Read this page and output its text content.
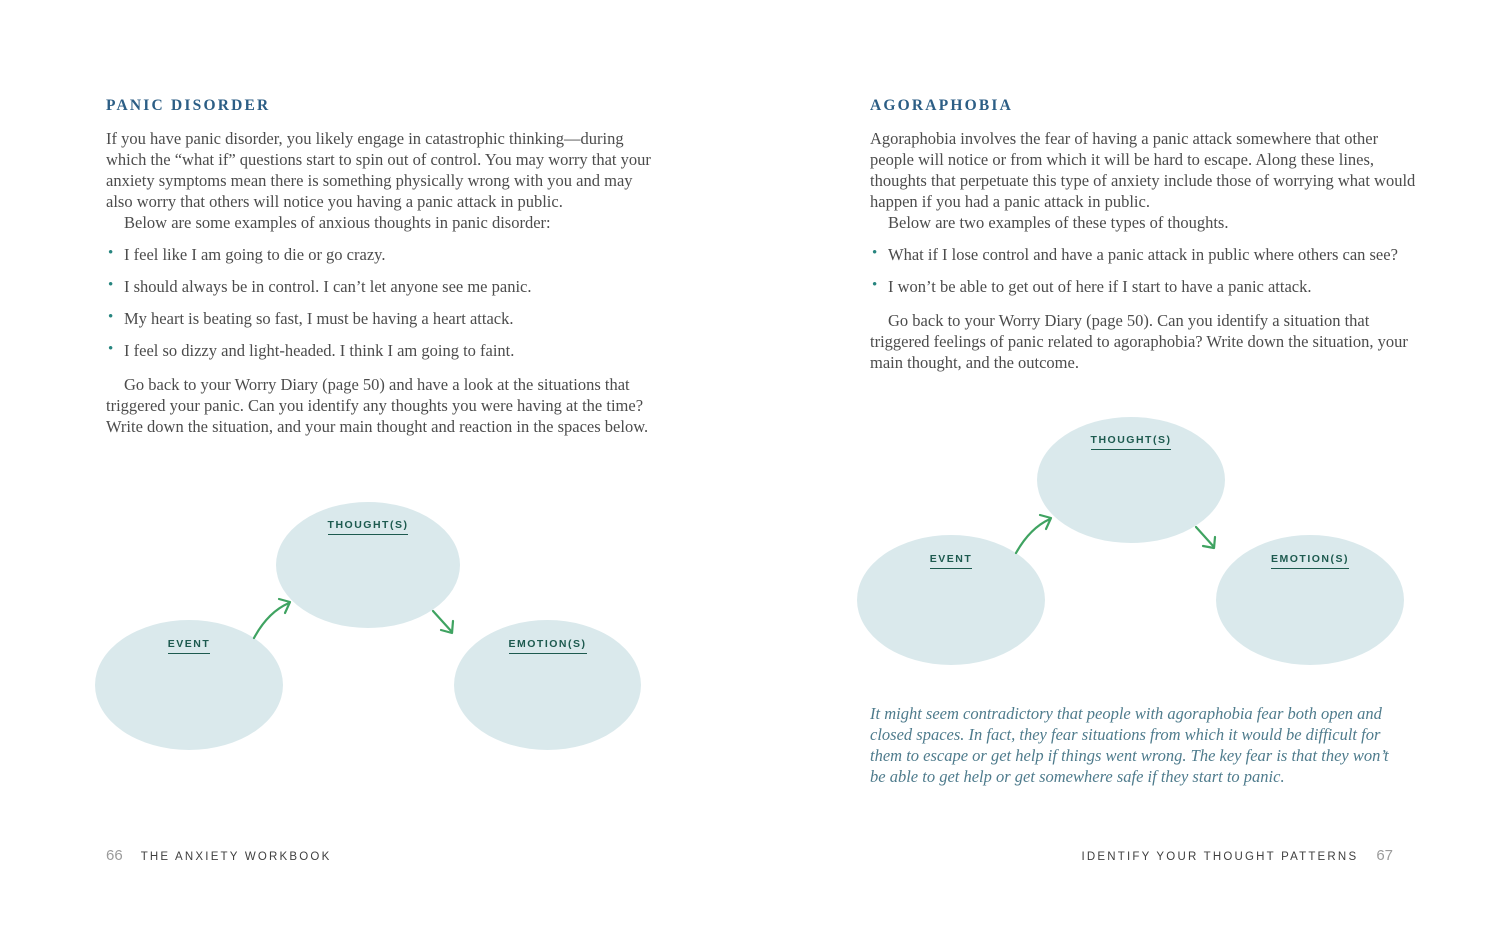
PANIC DISORDER

If you have panic disorder, you likely engage in catastrophic thinking—during which the “what if” questions start to spin out of control. You may worry that your anxiety symptoms mean there is something physically wrong with you and may also worry that others will notice you having a panic attack in public.

Below are some examples of anxious thoughts in panic disorder:

• I feel like I am going to die or go crazy.
• I should always be in control. I can’t let anyone see me panic.
• My heart is beating so fast, I must be having a heart attack.
• I feel so dizzy and light-headed. I think I am going to faint.

Go back to your Worry Diary (page 50) and have a look at the situations that triggered your panic. Can you identify any thoughts you were having at the time? Write down the situation, and your main thought and reaction in the spaces below.

EVENT
THOUGHT(S)
EMOTION(S)
66 THE ANXIETY WORKBOOK
AGORAPHOBIA

Agoraphobia involves the fear of having a panic attack somewhere that other people will notice or from which it will be hard to escape. Along these lines, thoughts that perpetuate this type of anxiety include those of worrying what would happen if you had a panic attack in public.

Below are two examples of these types of thoughts.

• What if I lose control and have a panic attack in public where others can see?
• I won’t be able to get out of here if I start to have a panic attack.

Go back to your Worry Diary (page 50). Can you identify a situation that triggered feelings of panic related to agoraphobia? Write down the situation, your main thought, and the outcome.

EVENT
THOUGHT(S)
EMOTION(S)

It might seem contradictory that people with agoraphobia fear both open and closed spaces. In fact, they fear situations from which it would be difficult for them to escape or get help if things went wrong. The key fear is that they won’t be able to get help or get somewhere safe if they start to panic.

IDENTIFY YOUR THOUGHT PATTERNS 67
